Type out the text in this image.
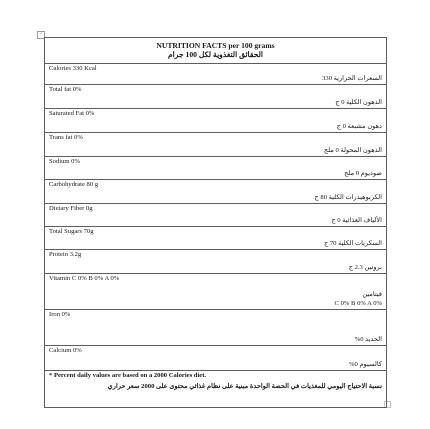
+
NUTRITION FACTS per 100 grams
الحقائق التغذوية لكل 100 جرام
Calories 330 Kcal
السعرات الحرارية 330
Total fat 0%
الدهون الكلية 0 ج
Saturated Fat 0%
دهون مشبعة 0 ج
Trans fat 0%
الدهون المحولة 0 ملج
Sodium 0%
صوديوم 0 ملج
Carbohydrate 80 g
الكربوهيدرات الكلية 80 ج
Dietary Fiber 0g
الألياف الغذائية 0 ج
Total Sugars 70g
السكريات الكلية 70 ج
Protein 3.2g
بروتين 2.3 ج
Vitamin C 0% B 0% A 0%
فيتامين
C 0% B 0% A 0%
Iron 0%
الحديد 0%
Calcium 0%
كالسيوم 0%
* Percent daily values are based on a 2000 Calories diet.
نسبة الاحتياج اليومي للمغذيات في الحصة الواحدة مبنية على نظام غذائي محتوى على 2000 سعر حراري
